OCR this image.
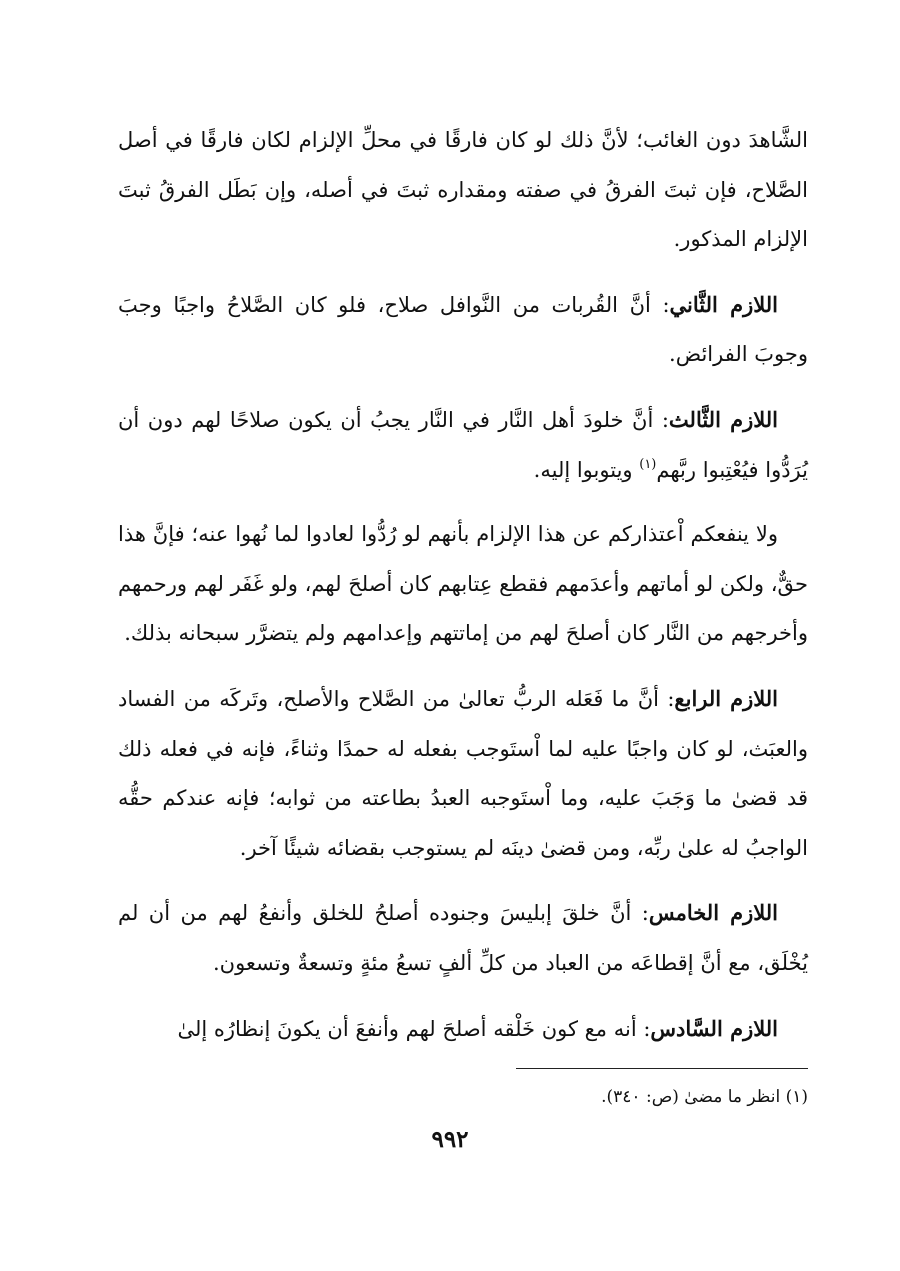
الشَّاهدَ دون الغائب؛ لأنَّ ذلك لو كان فارقًا في محلِّ الإلزام لكان فارقًا في أصل الصَّلاح، فإن ثبتَ الفرقُ في صفته ومقداره ثبتَ في أصله، وإن بَطَل الفرقُ ثبتَ الإلزام المذكور.

اللازم الثَّاني: أنَّ القُربات من النَّوافل صلاح، فلو كان الصَّلاحُ واجبًا وجبَ وجوبَ الفرائض.

اللازم الثَّالث: أنَّ خلودَ أهل النَّار في النَّار يجبُ أن يكون صلاحًا لهم دون أن يُرَدُّوا فيُعْتِبوا ربَّهم$^{(١)}$ ويتوبوا إليه.

ولا ينفعكم اْعتذاركم عن هذا الإلزام بأنهم لو رُدُّوا لعادوا لما نُهوا عنه؛ فإنَّ هذا حقٌّ، ولكن لو أماتهم وأعدَمهم فقطع عِتابهم كان أصلحَ لهم، ولو غَفَر لهم ورحمهم وأخرجهم من النَّار كان أصلحَ لهم من إماتتهم وإعدامهم ولم يتضرَّر سبحانه بذلك.

اللازم الرابع: أنَّ ما فَعَله الربُّ تعالىٰ من الصَّلاح والأصلح، وتَركَه من الفساد والعبَث، لو كان واجبًا عليه لما اْستَوجب بفعله له حمدًا وثناءً، فإنه في فعله ذلك قد قضىٰ ما وَجَبَ عليه، وما اْستَوجبه العبدُ بطاعته من ثوابه؛ فإنه عندكم حقُّه الواجبُ له علىٰ ربِّه، ومن قضىٰ دينَه لم يستوجب بقضائه شيئًا آخر.

اللازم الخامس: أنَّ خلقَ إبليسَ وجنوده أصلحُ للخلق وأنفعُ لهم من أن لم يُخْلَق، مع أنَّ إقطاعَه من العباد من كلِّ ألفٍ تسعُ مئةٍ وتسعةٌ وتسعون.

اللازم السَّادس: أنه مع كون خَلْقه أصلحَ لهم وأنفعَ أن يكونَ إنظارُه إلىٰ

(١) انظر ما مضىٰ (ص: ٣٤٠).
٩٩٢
